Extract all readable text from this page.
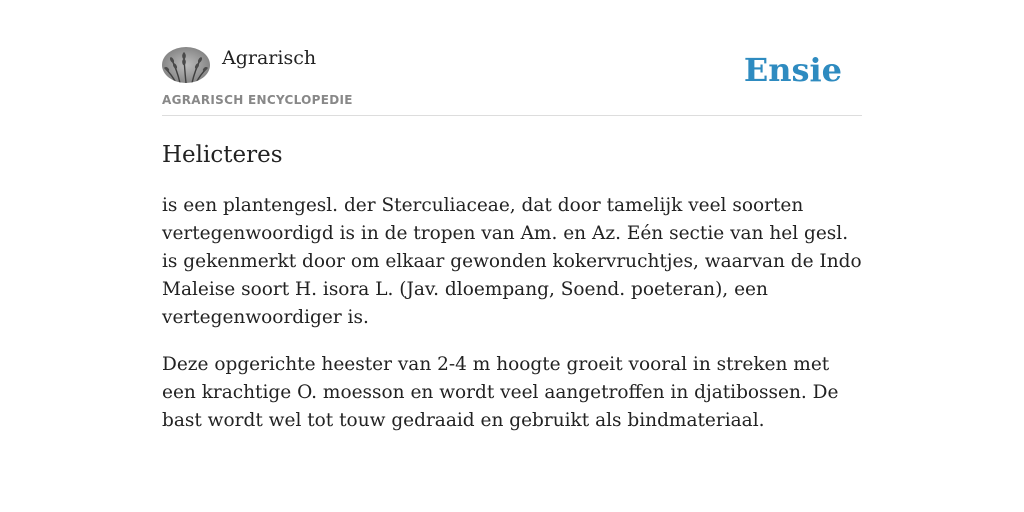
Agrarisch
AGRARISCH ENCYCLOPEDIE
Ensie
Helicteres

is een plantengesl. der Sterculiaceae, dat door tamelijk veel soorten vertegenwoordigd is in de tropen van Am. en Az. Eén sectie van hel gesl. is gekenmerkt door om elkaar gewonden kokervruchtjes, waarvan de Indo Maleise soort H. isora L. (Jav. dloempang, Soend. poeteran), een vertegenwoordiger is.

Deze opgerichte heester van 2-4 m hoogte groeit vooral in streken met een krachtige O. moesson en wordt veel aangetroffen in djatibossen. De bast wordt wel tot touw gedraaid en gebruikt als bindmateriaal.
